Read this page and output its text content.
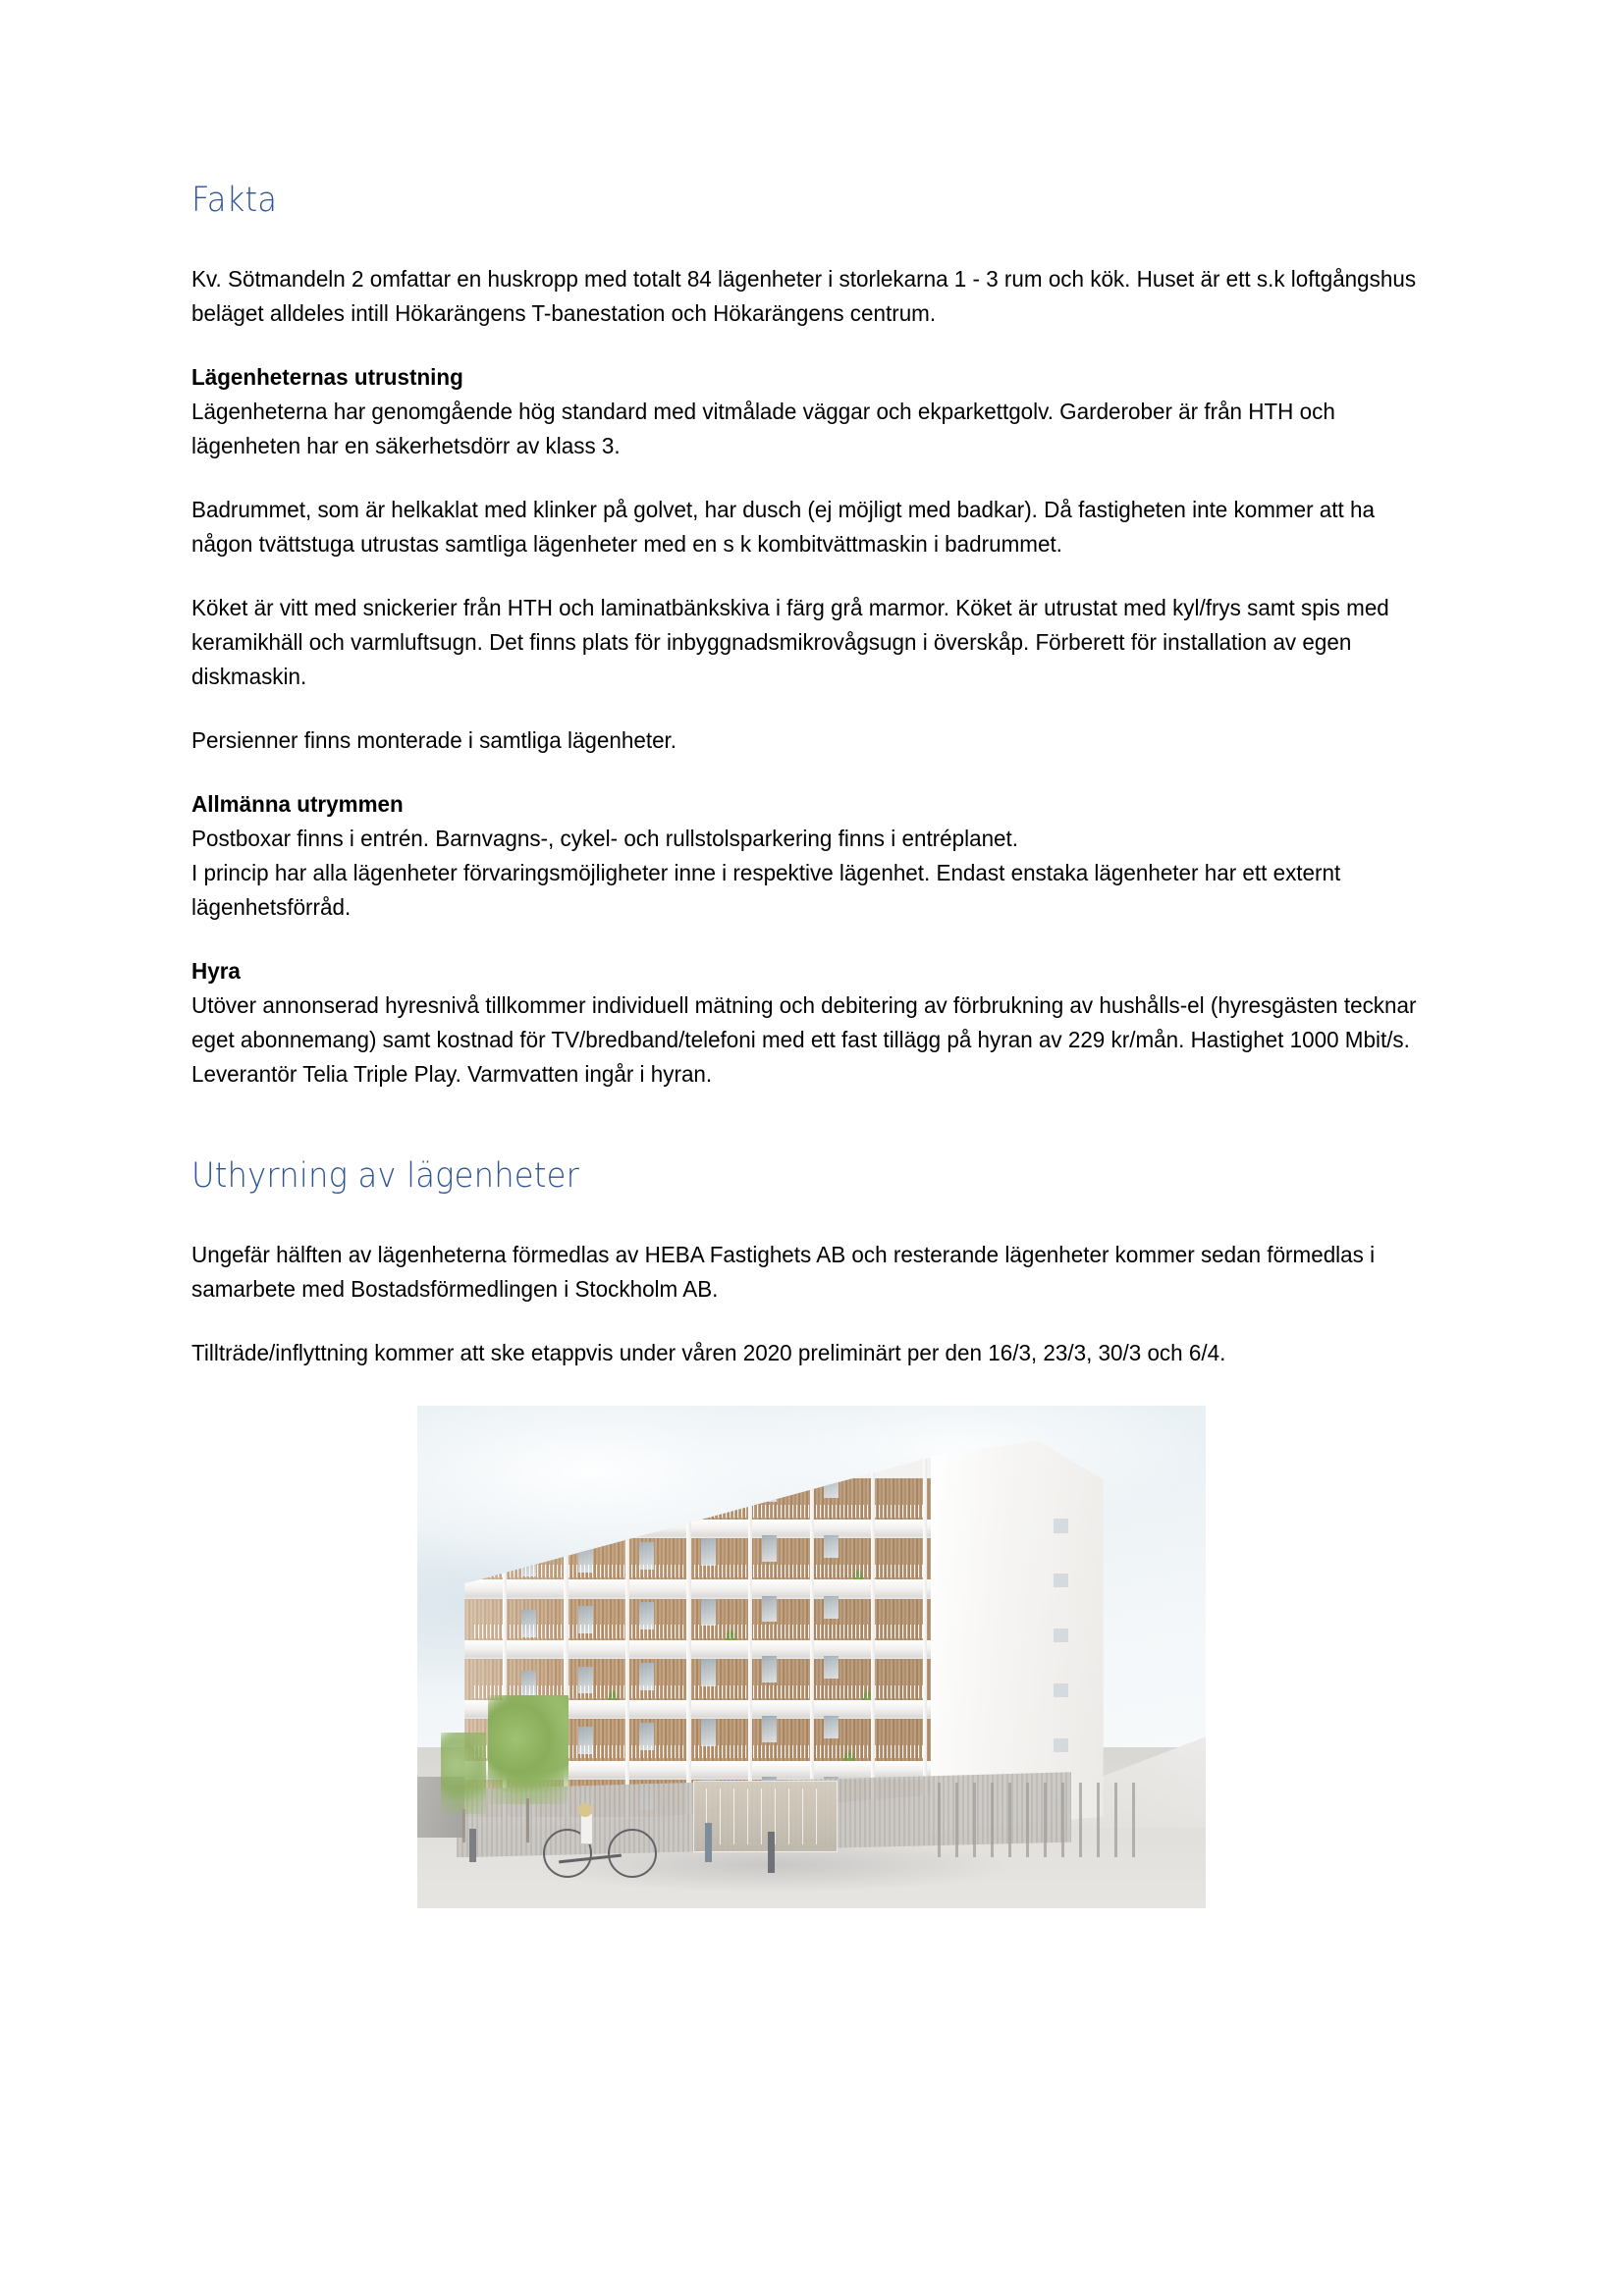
Fakta

Kv. Sötmandeln 2 omfattar en huskropp med totalt 84 lägenheter i storlekarna 1 - 3 rum och kök. Huset är ett s.k loftgångshus beläget alldeles intill Hökarängens T-banestation och Hökarängens centrum.

Lägenheternas utrustning

Lägenheterna har genomgående hög standard med vitmålade väggar och ekparkettgolv. Garderober är från HTH och lägenheten har en säkerhetsdörr av klass 3.

Badrummet, som är helkaklat med klinker på golvet, har dusch (ej möjligt med badkar). Då fastigheten inte kommer att ha någon tvättstuga utrustas samtliga lägenheter med en s k kombitvättmaskin i badrummet.

Köket är vitt med snickerier från HTH och laminatbänkskiva i färg grå marmor. Köket är utrustat med kyl/frys samt spis med keramikhäll och varmluftsugn. Det finns plats för inbyggnadsmikrovågsugn i överskåp. Förberett för installation av egen diskmaskin.

Persienner finns monterade i samtliga lägenheter.

Allmänna utrymmen

Postboxar finns i entrén. Barnvagns-, cykel- och rullstolsparkering finns i entréplanet.

I princip har alla lägenheter förvaringsmöjligheter inne i respektive lägenhet. Endast enstaka lägenheter har ett externt lägenhetsförråd.

Hyra

Utöver annonserad hyresnivå tillkommer individuell mätning och debitering av förbrukning av hushålls-el (hyresgästen tecknar eget abonnemang) samt kostnad för TV/bredband/telefoni med ett fast tillägg på hyran av 229 kr/mån. Hastighet 1000 Mbit/s. Leverantör Telia Triple Play. Varmvatten ingår i hyran.

Uthyrning av lägenheter

Ungefär hälften av lägenheterna förmedlas av HEBA Fastighets AB och resterande lägenheter kommer sedan förmedlas i samarbete med Bostadsförmedlingen i Stockholm AB.

Tillträde/inflyttning kommer att ske etappvis under våren 2020 preliminärt per den 16/3, 23/3, 30/3 och 6/4.
